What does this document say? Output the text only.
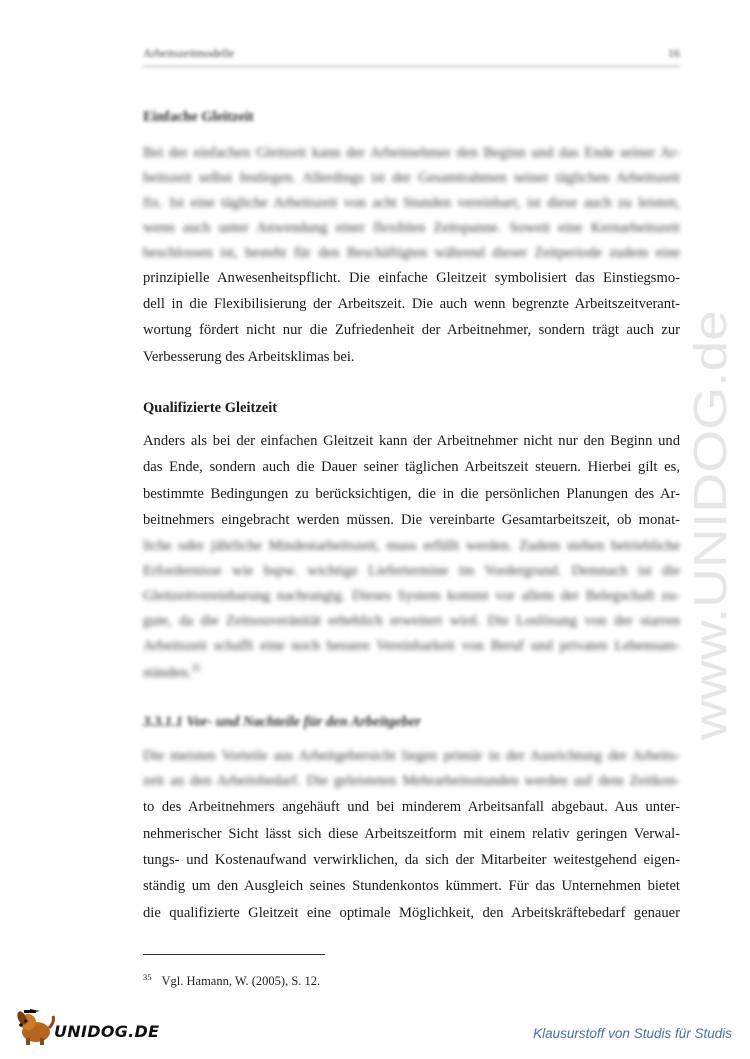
Arbeitszeitmodelle	16
Einfache Gleitzeit
Bei der einfachen Gleitzeit kann der Arbeitnehmer den Beginn und das Ende seiner Ar-
beitszeit selbst festlegen. Allerdings ist der Gesamtrahmen seiner täglichen Arbeitszeit
fix. Ist eine tägliche Arbeitszeit von acht Stunden vereinbart, ist diese auch zu leisten,
wenn auch unter Anwendung einer flexiblen Zeitspanne. Soweit eine Kernarbeitszeit
beschlossen ist, besteht für den Beschäftigten während dieser Zeitperiode zudem eine
prinzipielle Anwesenheitspflicht. Die einfache Gleitzeit symbolisiert das Einstiegsmo-
dell in die Flexibilisierung der Arbeitszeit. Die auch wenn begrenzte Arbeitszeitverant-
wortung fördert nicht nur die Zufriedenheit der Arbeitnehmer, sondern trägt auch zur
Verbesserung des Arbeitsklimas bei.
Qualifizierte Gleitzeit
Anders als bei der einfachen Gleitzeit kann der Arbeitnehmer nicht nur den Beginn und
das Ende, sondern auch die Dauer seiner täglichen Arbeitszeit steuern. Hierbei gilt es,
bestimmte Bedingungen zu berücksichtigen, die in die persönlichen Planungen des Ar-
beitnehmers eingebracht werden müssen. Die vereinbarte Gesamtarbeitszeit, ob monat-
liche oder jährliche Mindestarbeitszeit, muss erfüllt werden. Zudem stehen betriebliche
Erfordernisse wie bspw. wichtige Liefertermine im Vordergrund. Demnach ist die
Gleitzeitvereinbarung nachrangig. Dieses System kommt vor allem der Belegschaft zu-
gute, da die Zeitsouveränität erheblich erweitert wird. Die Loslösung von der starren
Arbeitszeit schafft eine noch bessere Vereinbarkeit von Beruf und privaten Lebensum-
ständen.$^{35}$
3.3.1.1 Vor- und Nachteile für den Arbeitgeber
Die meisten Vorteile aus Arbeitgebersicht liegen primär in der Ausrichtung der Arbeits-
zeit an den Arbeitsbedarf. Die geleisteten Mehrarbeitsstunden werden auf dem Zeitkon-
to des Arbeitnehmers angehäuft und bei minderem Arbeitsanfall abgebaut. Aus unter-
nehmerischer Sicht lässt sich diese Arbeitszeitform mit einem relativ geringen Verwal-
tungs- und Kostenaufwand verwirklichen, da sich der Mitarbeiter weitestgehend eigen-
ständig um den Ausgleich seines Stundenkontos kümmert. Für das Unternehmen bietet
die qualifizierte Gleitzeit eine optimale Möglichkeit, den Arbeitskräftebedarf genauer
$^{35}$ Vgl. Hamann, W. (2005), S. 12.
www.UNIDOG.de
UNIDOG.DE	Klausurstoff von Studis für Studis
